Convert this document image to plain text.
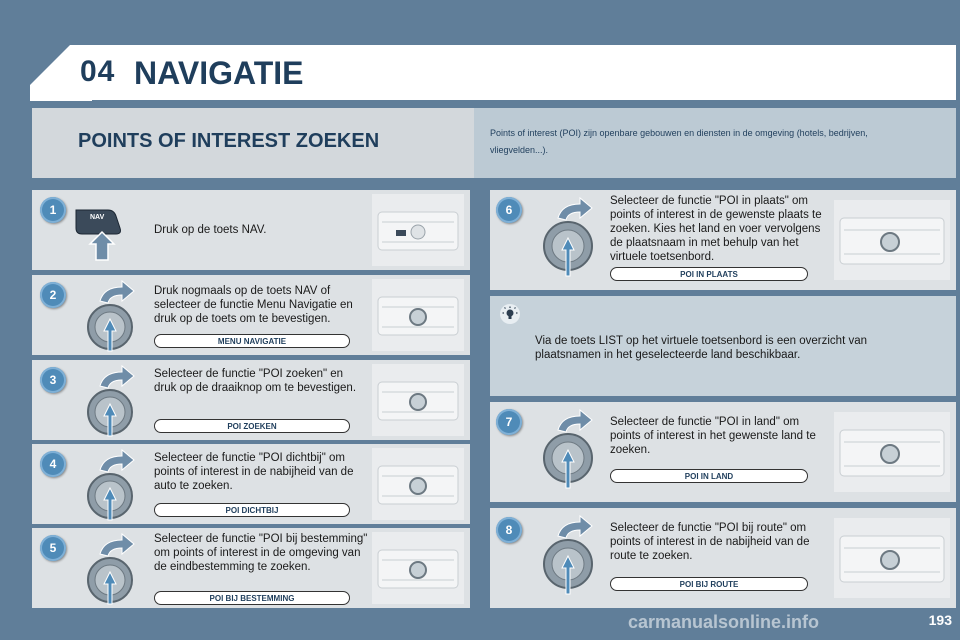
04 NAVIGATIE
POINTS OF INTEREST ZOEKEN	Points of interest (POI) zijn openbare gebouwen en diensten in de omgeving (hotels, bedrijven, vliegvelden...).
1
NAV
Druk op de toets NAV.
2	Druk nogmaals op de toets NAV of selecteer de functie Menu Navigatie en druk op de toets om te bevestigen.
MENU NAVIGATIE
3	Selecteer de functie "POI zoeken" en druk op de draaiknop om te bevestigen.
POI ZOEKEN
4	Selecteer de functie "POI dichtbij" om points of interest in de nabijheid van de auto te zoeken.
POI DICHTBIJ
5
Selecteer de functie "POI bij bestemming" om points of interest in de omgeving van de eindbestemming te zoeken.
POI BIJ BESTEMMING
6
Selecteer de functie "POI in plaats" om points of interest in de gewenste plaats te zoeken. Kies het land en voer vervolgens de plaatsnaam in met behulp van het virtuele toetsenbord.
POI IN PLAATS
Via de toets LIST op het virtuele toetsenbord is een overzicht van plaatsnamen in het geselecteerde land beschikbaar.
7	Selecteer de functie "POI in land" om points of interest in het gewenste land te zoeken.
POI IN LAND
8	Selecteer de functie "POI bij route" om points of interest in de nabijheid van de route te zoeken.
POI BIJ ROUTE
carmanualsonline.info	193
